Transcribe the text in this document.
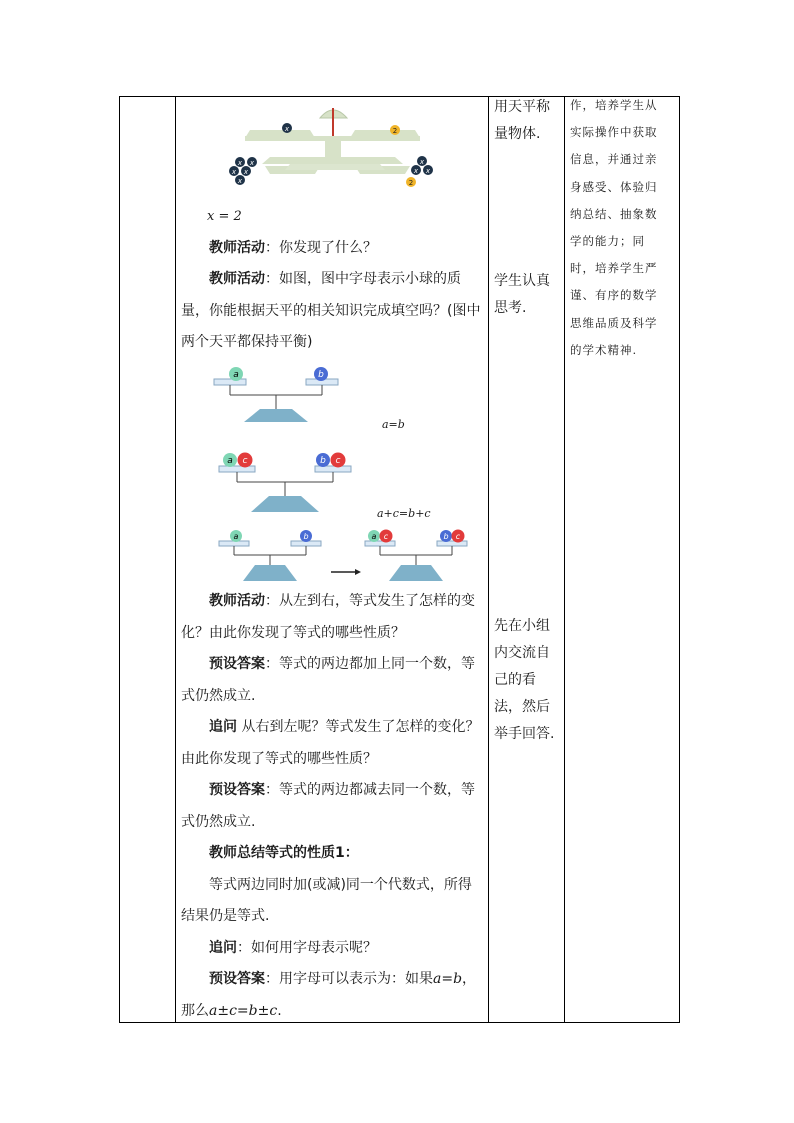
x	2
x x
x x
x
x
x x
2

x = 2

教师活动：你发现了什么？

教师活动：如图，图中字母表示小球的质量，你能根据天平的相关知识完成填空吗？(图中两个天平都保持平衡)

a	b
a=b
a c	b c
a+c=b+c
a	b	a c	b c

教师活动：从左到右，等式发生了怎样的变化？由此你发现了等式的哪些性质？

预设答案：等式的两边都加上同一个数，等式仍然成立.

追问 从右到左呢？等式发生了怎样的变化？由此你发现了等式的哪些性质？

预设答案：等式的两边都减去同一个数，等式仍然成立.

教师总结等式的性质1：

等式两边同时加(或减)同一个代数式，所得结果仍是等式.

追问：如何用字母表示呢？

预设答案：用字母可以表示为：如果a=b，那么a±c=b±c.

用天平称
量物体.
学生认真
思考.
先在小组
内交流自
己的看
法，然后
举手回答.
作，培养学生从
实际操作中获取
信息，并通过亲
身感受、体验归
纳总结、抽象数
学的能力；同
时，培养学生严
谨、有序的数学
思维品质及科学
的学术精神.
